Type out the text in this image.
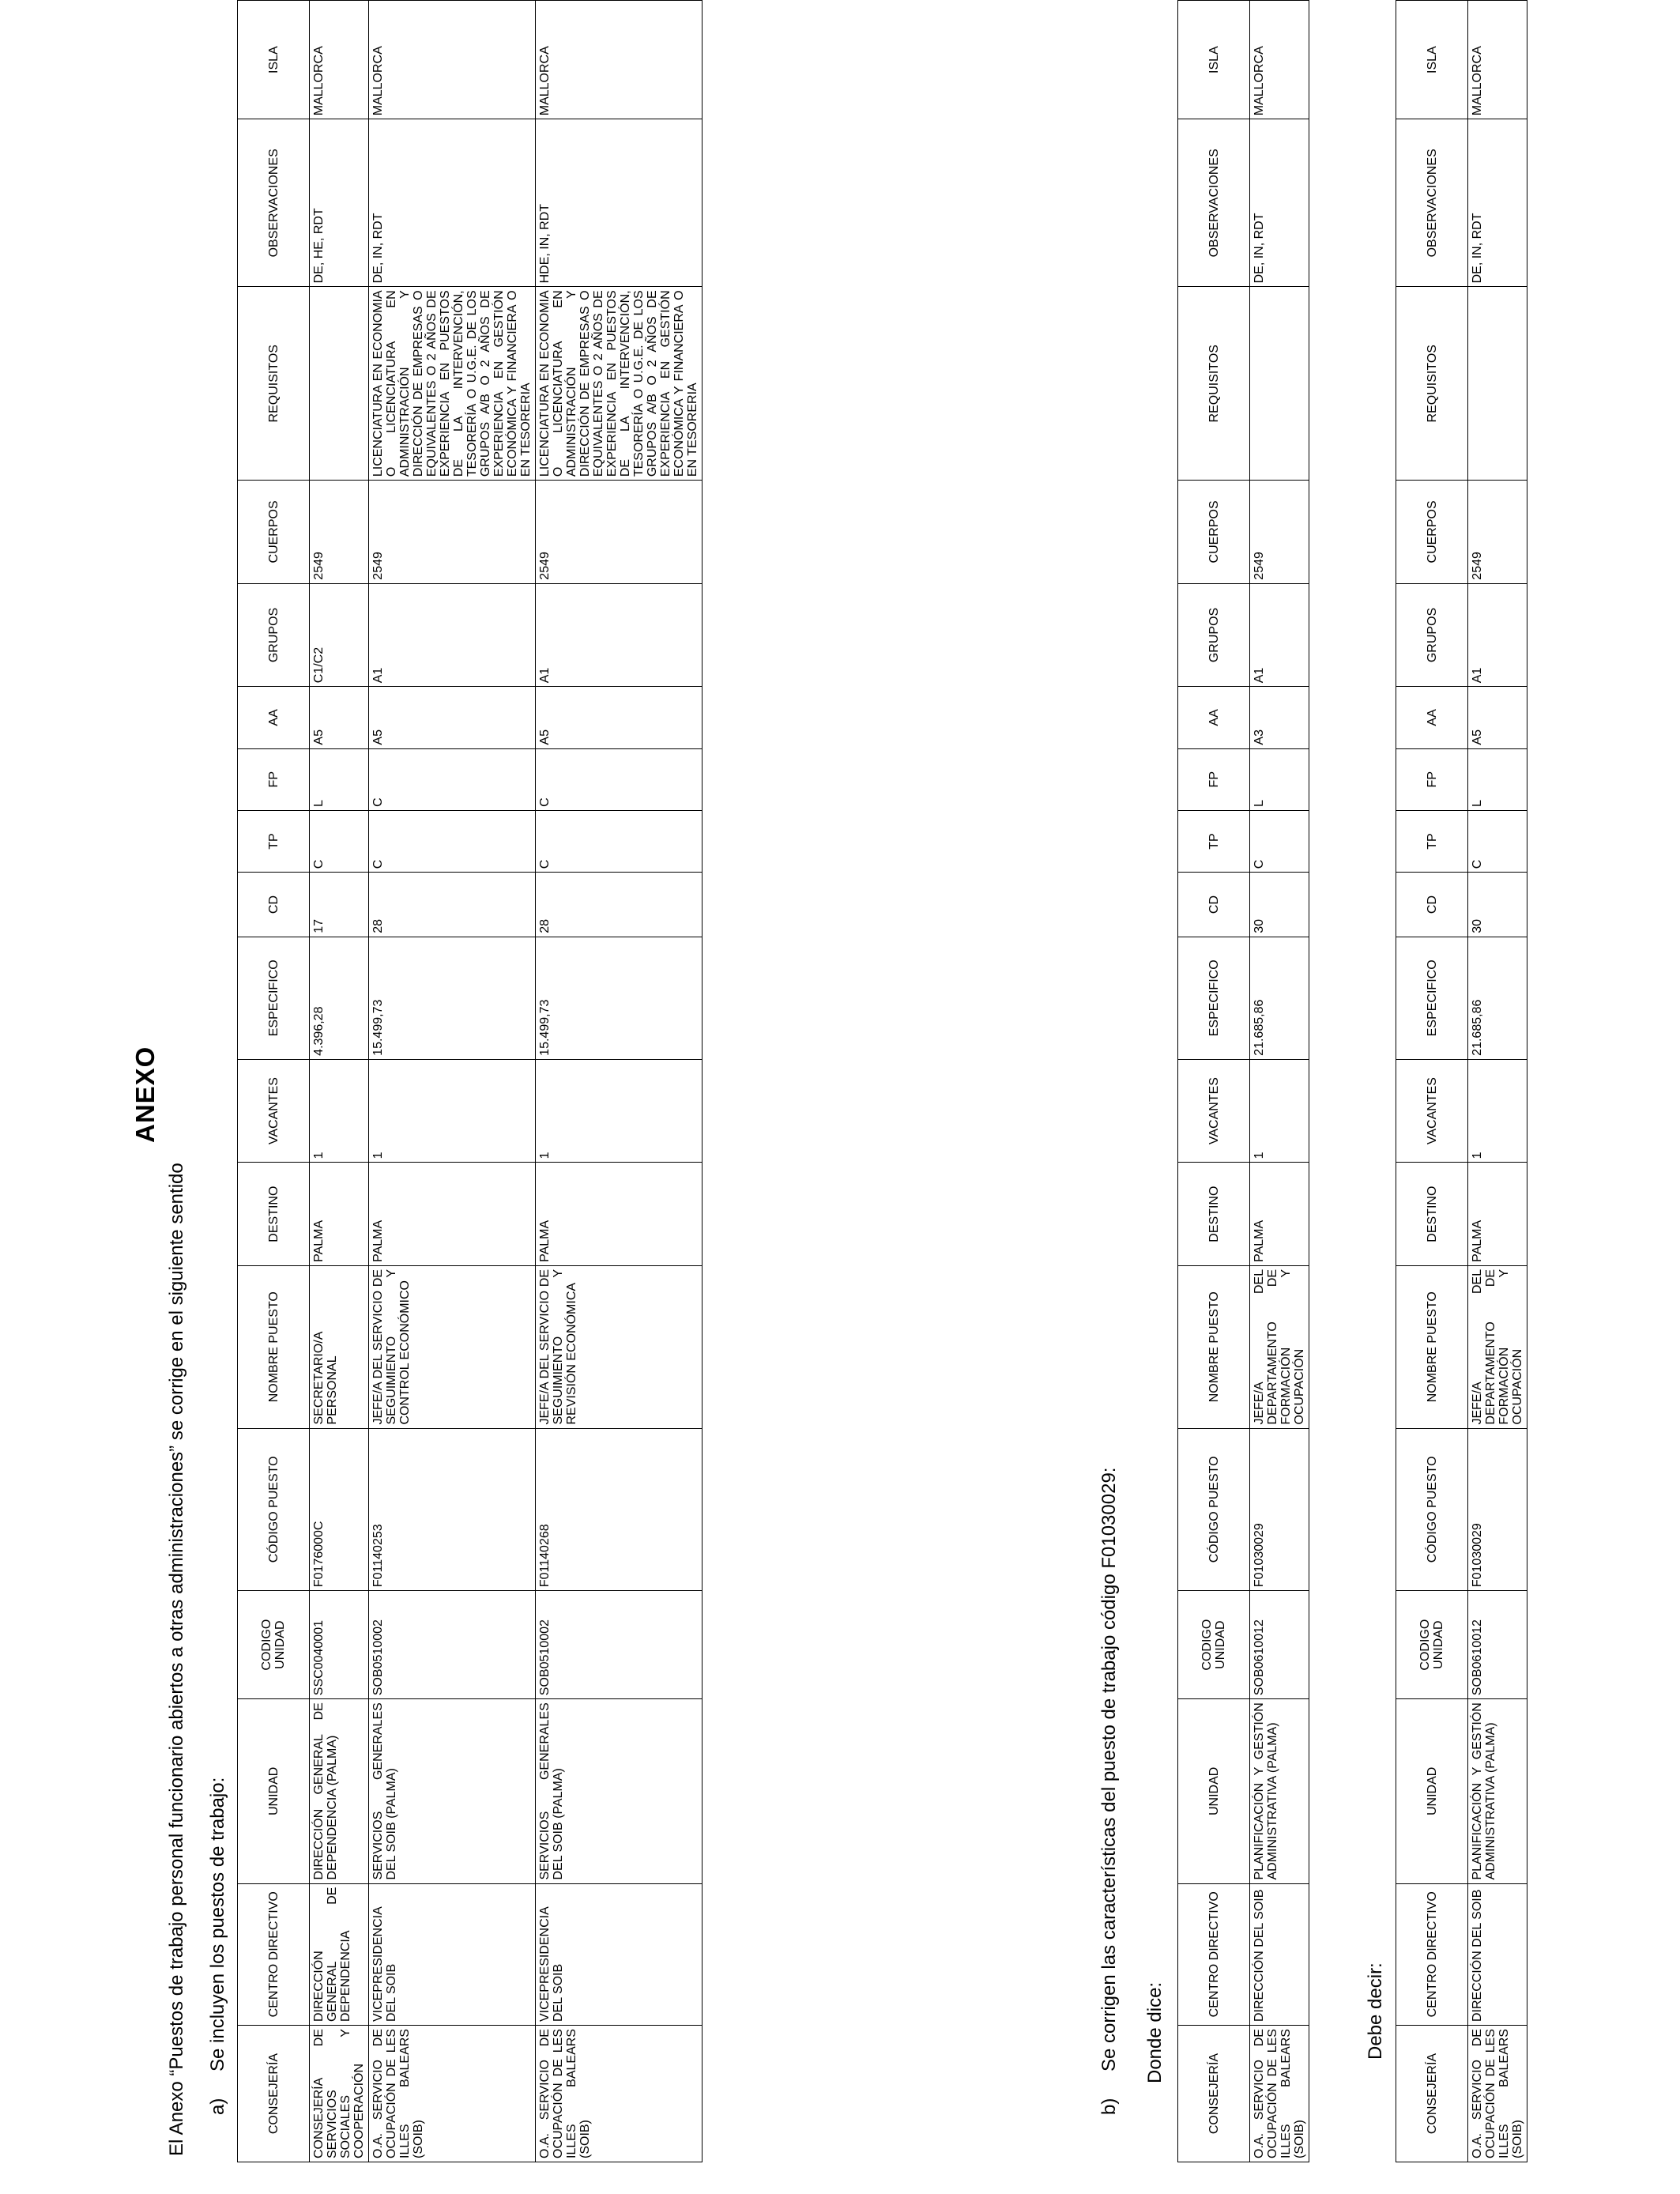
ANEXO
El Anexo “Puestos de trabajo personal funcionario abiertos a otras administraciones” se corrige en el siguiente sentido a)Se incluyen los puestos de trabajo:
CONSEJERÍA	CENTRO DIRECTIVO	UNIDAD	CODIGO UNIDAD	CÓDIGO PUESTO	NOMBRE PUESTO	DESTINO	VACANTES	ESPECIFICO	CD	TP	FP	AA	GRUPOS	CUERPOS	REQUISITOS	OBSERVACIONES	ISLA
CONSEJERÍA DE SERVICIOS SOCIALES Y COOPERACIÓN	DIRECCIÓN GENERAL DE DEPENDENCIA	DIRECCIÓN GENERAL DE DEPENDENCIA (PALMA)	SSC0040001	F0176000C	SECRETARIO/A PERSONAL	PALMA	1	4.396,28	17	C	L	A5	C1/C2	2549		DE, HE, RDT	MALLORCA
O.A. SERVICIO DE OCUPACIÓN DE LES ILLES BALEARS (SOIB)	VICEPRESIDENCIA DEL SOIB	SERVICIOS GENERALES DEL SOIB (PALMA)	SOB0510002	F01140253	JEFE/A DEL SERVICIO DE SEGUIMIENTO Y CONTROL ECONÓMICO	PALMA	1	15.499,73	28	C	C	A5	A1	2549	LICENCIATURA EN ECONOMIA O LICENCIATURA EN ADMINISTRACIÓN Y DIRECCIÓN DE EMPRESAS O EQUIVALENTES O 2 AÑOS DE EXPERIENCIA EN PUESTOS DE LA INTERVENCIÓN, TESORERÍA O U.G.E. DE LOS GRUPOS A/B O 2 AÑOS DE EXPERIENCIA EN GESTIÓN ECONÓMICA Y FINANCIERA O EN TESORERIA	DE, IN, RDT	MALLORCA
O.A. SERVICIO DE OCUPACIÓN DE LES ILLES BALEARS (SOIB)	VICEPRESIDENCIA DEL SOIB	SERVICIOS GENERALES DEL SOIB (PALMA)	SOB0510002	F01140268	JEFE/A DEL SERVICIO DE SEGUIMIENTO Y REVISIÓN ECONÓMICA	PALMA	1	15.499,73	28	C	C	A5	A1	2549	LICENCIATURA EN ECONOMIA O LICENCIATURA EN ADMINISTRACIÓN Y DIRECCIÓN DE EMPRESAS O EQUIVALENTES O 2 AÑOS DE EXPERIENCIA EN PUESTOS DE LA INTERVENCIÓN, TESORERÍA O U.G.E. DE LOS GRUPOS A/B O 2 AÑOS DE EXPERIENCIA EN GESTIÓN ECONÓMICA Y FINANCIERA O EN TESORERIA	HDE, IN, RDT	MALLORCA
b)Se corrigen las características del puesto de trabajo código F01030029: Donde dice:
CONSEJERÍA	CENTRO DIRECTIVO	UNIDAD	CODIGO UNIDAD	CÓDIGO PUESTO	NOMBRE PUESTO	DESTINO	VACANTES	ESPECIFICO	CD	TP	FP	AA	GRUPOS	CUERPOS	REQUISITOS	OBSERVACIONES	ISLA
O.A. SERVICIO DE OCUPACIÓN DE LES ILLES BALEARS (SOIB)	DIRECCIÓN DEL SOIB	PLANIFICACIÓN Y GESTIÓN ADMINISTRATIVA (PALMA)	SOB0610012	F01030029	JEFE/A DEL DEPARTAMENTO DE FORMACIÓN Y OCUPACIÓN	PALMA	1	21.685,86	30	C	L	A3	A1	2549		DE, IN, RDT	MALLORCA
Debe decir:
CONSEJERÍA	CENTRO DIRECTIVO	UNIDAD	CODIGO UNIDAD	CÓDIGO PUESTO	NOMBRE PUESTO	DESTINO	VACANTES	ESPECIFICO	CD	TP	FP	AA	GRUPOS	CUERPOS	REQUISITOS	OBSERVACIONES	ISLA
O.A. SERVICIO DE OCUPACIÓN DE LES ILLES BALEARS (SOIB)	DIRECCIÓN DEL SOIB	PLANIFICACIÓN Y GESTIÓN ADMINISTRATIVA (PALMA)	SOB0610012	F01030029	JEFE/A DEL DEPARTAMENTO DE FORMACIÓN Y OCUPACIÓN	PALMA	1	21.685,86	30	C	L	A5	A1	2549		DE, IN, RDT	MALLORCA
